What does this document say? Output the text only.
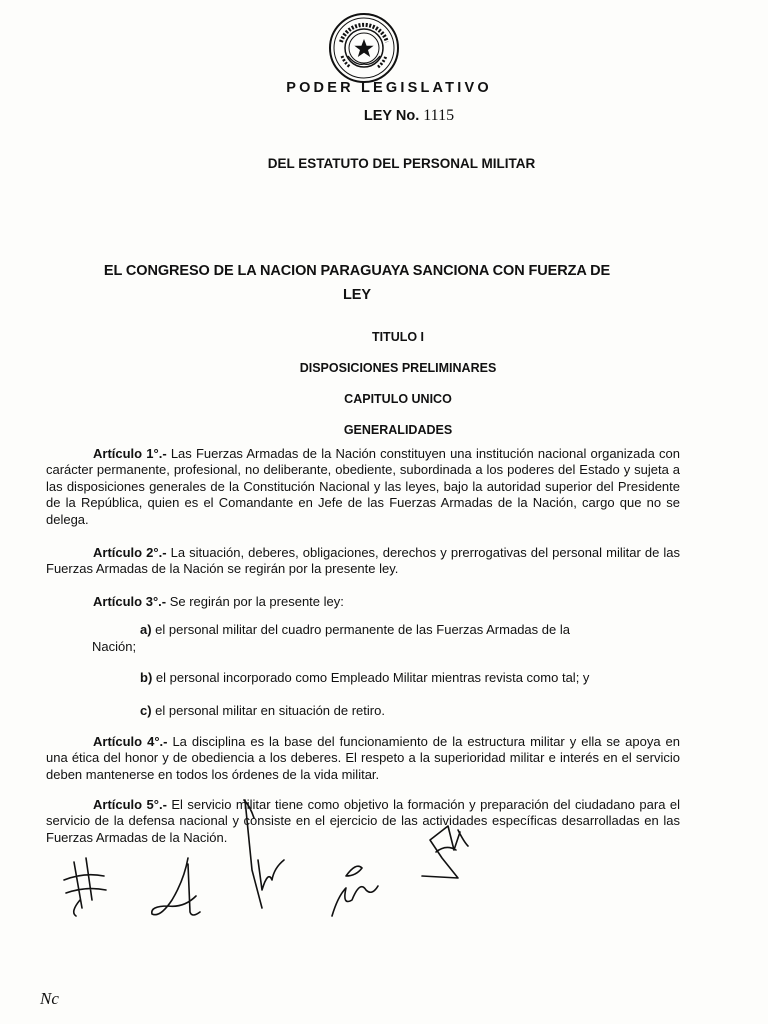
PODER LEGISLATIVO
LEY No. 1115
DEL ESTATUTO DEL PERSONAL MILITAR
EL CONGRESO DE LA NACION PARAGUAYA SANCIONA CON FUERZA DE
LEY
TITULO I
DISPOSICIONES PRELIMINARES
CAPITULO UNICO
GENERALIDADES
Artículo 1°.- Las Fuerzas Armadas de la Nación constituyen una institución nacional organizada con carácter permanente, profesional, no deliberante, obediente, subordinada a los poderes del Estado y sujeta a las disposiciones generales de la Constitución Nacional y las leyes, bajo la autoridad superior del Presidente de la República, quien es el Comandante en Jefe de las Fuerzas Armadas de la Nación, cargo que no se delega.
Artículo 2°.- La situación, deberes, obligaciones, derechos y prerrogativas del personal militar de las Fuerzas Armadas de la Nación se regirán por la presente ley.
Artículo 3°.- Se regirán por la presente ley:
a) el personal militar del cuadro permanente de las Fuerzas Armadas de la
Nación;
b) el personal incorporado como Empleado Militar mientras revista como tal; y
c) el personal militar en situación de retiro.
Artículo 4°.- La disciplina es la base del funcionamiento de la estructura militar y ella se apoya en una ética del honor y de obediencia a los deberes. El respeto a la superioridad militar e interés en el servicio deben mantenerse en todos los órdenes de la vida militar.
Artículo 5°.- El servicio militar tiene como objetivo la formación y preparación del ciudadano para el servicio de la defensa nacional y consiste en el ejercicio de las actividades específicas desarrolladas en las Fuerzas Armadas de la Nación.
Nc
